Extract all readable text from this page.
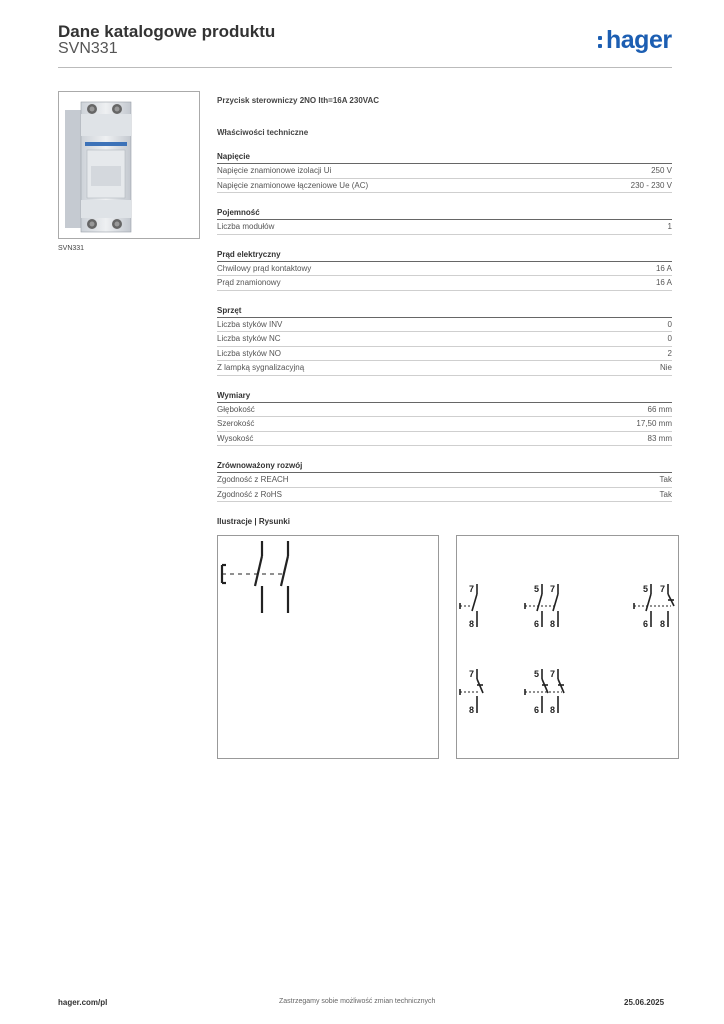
Dane katalogowe produktu
SVN331	hager
SVN331
Przycisk sterowniczy 2NO Ith=16A 230VAC
Właściwości techniczne
Napięcie
Napięcie znamionowe izolacji Ui	250 V
Napięcie znamionowe łączeniowe Ue (AC)	230 - 230 V
Pojemność
Liczba modułów	1
Prąd elektryczny
Chwilowy prąd kontaktowy	16 A
Prąd znamionowy	16 A
Sprzęt
Liczba styków INV	0
Liczba styków NC	0
Liczba styków NO	2
Z lampką sygnalizacyjną	Nie
Wymiary
Głębokość	66 mm
Szerokość	17,50 mm
Wysokość	83 mm
Zrównoważony rozwój
Zgodność z REACH	Tak
Zgodność z RoHS	Tak
Ilustracje | Rysunki
7
8
5 7
6 8
5 7
6 8
7
8
5 7
6 8
hager.com/pl	Zastrzegamy sobie możliwość zmian technicznych	25.06.2025
